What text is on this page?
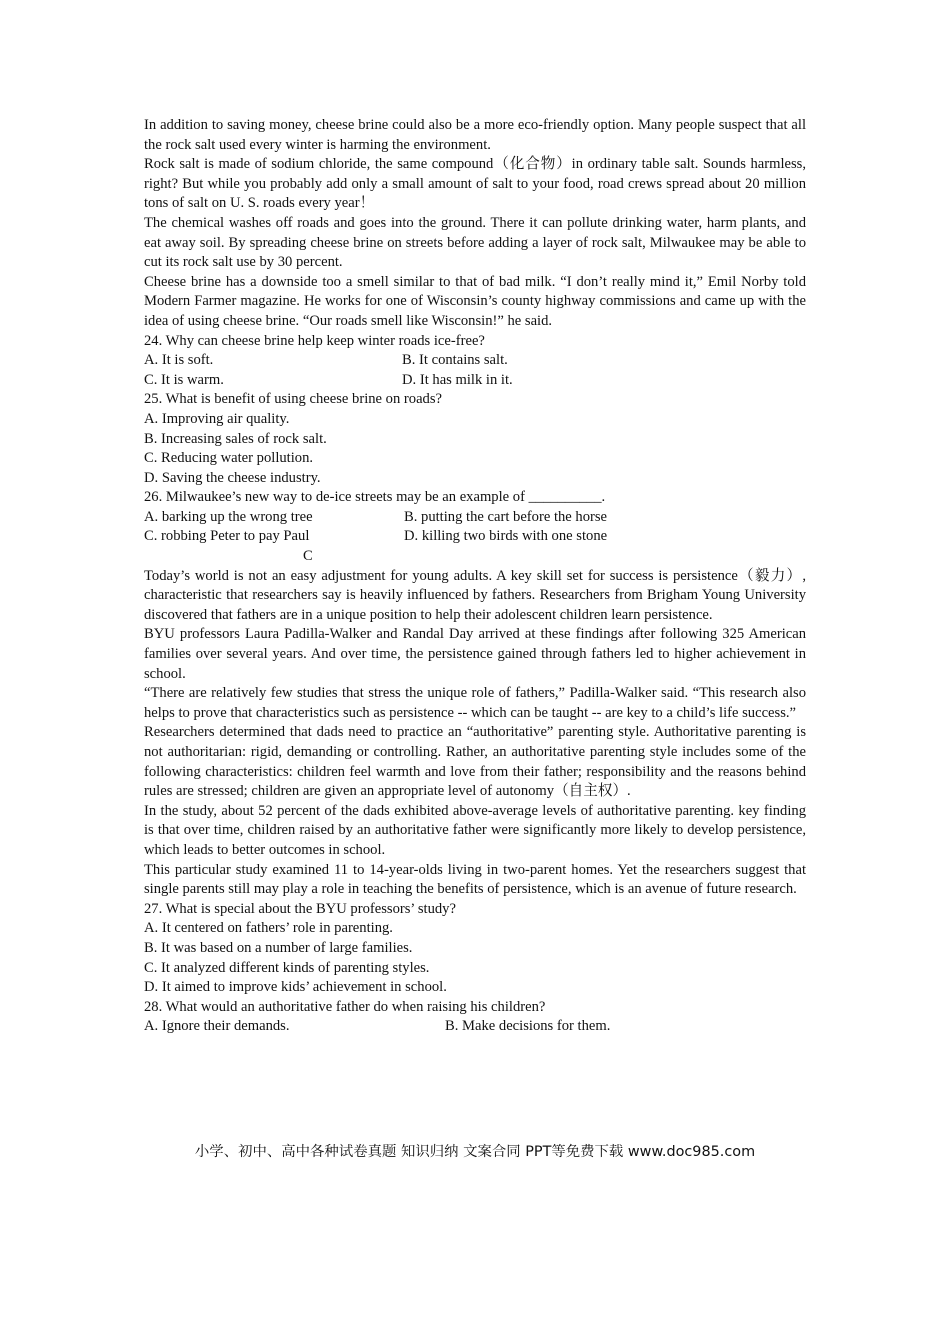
In addition to saving money, cheese brine could also be a more eco-friendly option. Many people suspect that all the rock salt used every winter is harming the environment.

Rock salt is made of sodium chloride, the same compound（化合物）in ordinary table salt. Sounds harmless, right? But while you probably add only a small amount of salt to your food, road crews spread about 20 million tons of salt on U. S. roads every year！

The chemical washes off roads and goes into the ground. There it can pollute drinking water, harm plants, and eat away soil. By spreading cheese brine on streets before adding a layer of rock salt, Milwaukee may be able to cut its rock salt use by 30 percent.

Cheese brine has a downside too a smell similar to that of bad milk. “I don’t really mind it,” Emil Norby told Modern Farmer magazine. He works for one of Wisconsin’s county highway commissions and came up with the idea of using cheese brine. “Our roads smell like Wisconsin!” he said.

24. Why can cheese brine help keep winter roads ice-free?

A. It is soft.	B. It contains salt.
C. It is warm.	D. It has milk in it.

25. What is benefit of using cheese brine on roads?

A. Improving air quality.

B. Increasing sales of rock salt.

C. Reducing water pollution.

D. Saving the cheese industry.

26. Milwaukee’s new way to de-ice streets may be an example of __________.

A. barking up the wrong tree	B. putting the cart before the horse
C. robbing Peter to pay Paul	D. killing two birds with one stone

C

Today’s world is not an easy adjustment for young adults. A key skill set for success is persistence（毅力）, characteristic that researchers say is heavily influenced by fathers. Researchers from Brigham Young University discovered that fathers are in a unique position to help their adolescent children learn persistence.

BYU professors Laura Padilla-Walker and Randal Day arrived at these findings after following 325 American families over several years. And over time, the persistence gained through fathers led to higher achievement in school.

“There are relatively few studies that stress the unique role of fathers,” Padilla-Walker said. “This research also helps to prove that characteristics such as persistence -- which can be taught -- are key to a child’s life success.”

Researchers determined that dads need to practice an “authoritative” parenting style. Authoritative parenting is not authoritarian: rigid, demanding or controlling. Rather, an authoritative parenting style includes some of the following characteristics: children feel warmth and love from their father; responsibility and the reasons behind rules are stressed; children are given an appropriate level of autonomy（自主权）.

In the study, about 52 percent of the dads exhibited above-average levels of authoritative parenting. key finding is that over time, children raised by an authoritative father were significantly more likely to develop persistence, which leads to better outcomes in school.

This particular study examined 11 to 14-year-olds living in two-parent homes. Yet the researchers suggest that single parents still may play a role in teaching the benefits of persistence, which is an avenue of future research.

27. What is special about the BYU professors’ study?

A. It centered on fathers’ role in parenting.

B. It was based on a number of large families.

C. It analyzed different kinds of parenting styles.

D. It aimed to improve kids’ achievement in school.

28. What would an authoritative father do when raising his children?

A. Ignore their demands.	B. Make decisions for them.
小学、初中、高中各种试卷真题 知识归纳 文案合同 PPT等免费下载 www.doc985.com
